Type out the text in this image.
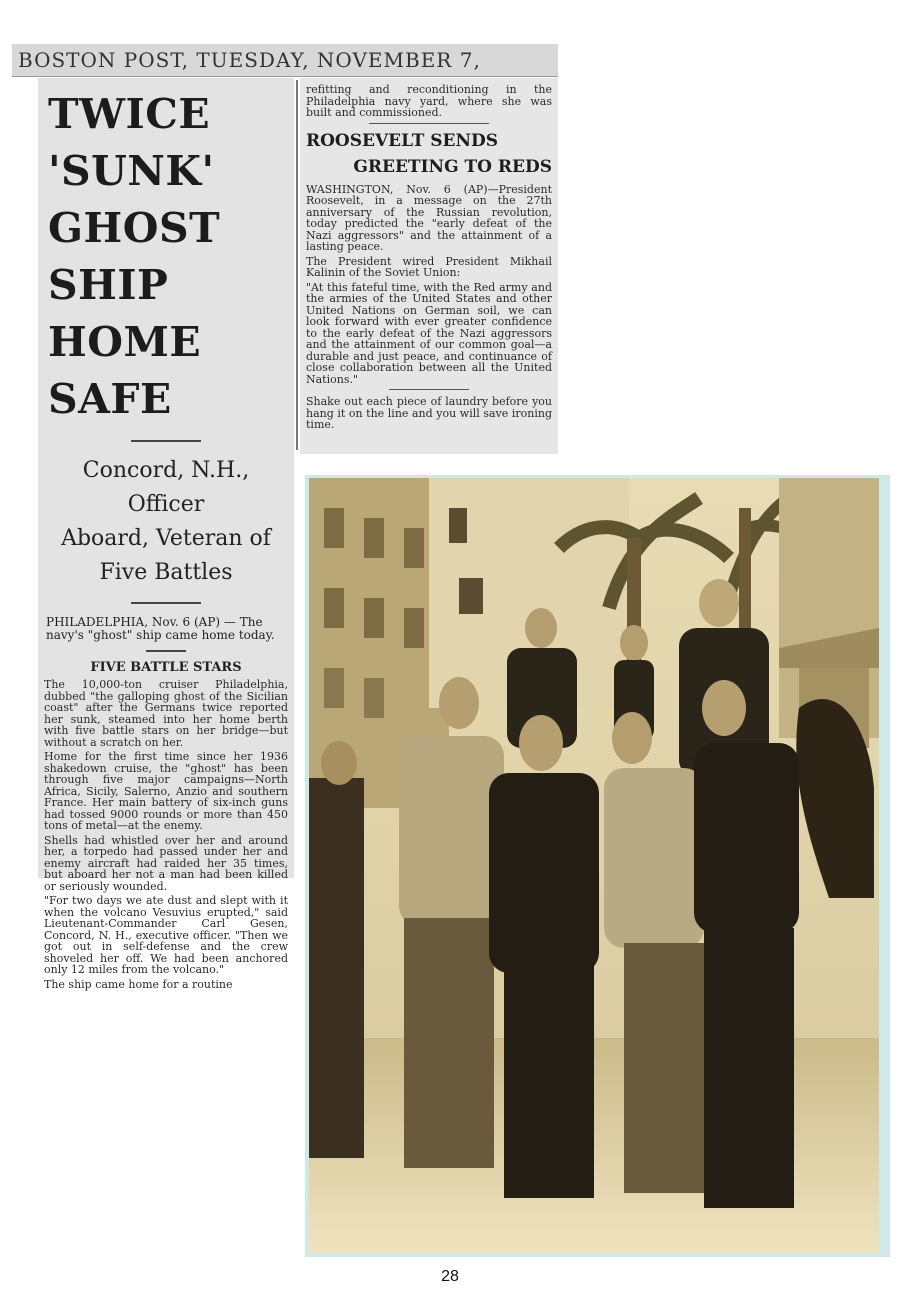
BOSTON POST, TUESDAY, NOVEMBER 7,
TWICE 'SUNK'
GHOST SHIP
HOME SAFE
Concord, N.H., Officer
Aboard, Veteran of
Five Battles
PHILADELPHIA, Nov. 6 (AP) — The navy's "ghost" ship came home today.
FIVE BATTLE STARS
The 10,000-ton cruiser Philadelphia, dubbed "the galloping ghost of the Sicilian coast" after the Germans twice reported her sunk, steamed into her home berth with five battle stars on her bridge—but without a scratch on her.
Home for the first time since her 1936 shakedown cruise, the "ghost" has been through five major campaigns—North Africa, Sicily, Salerno, Anzio and southern France. Her main battery of six-inch guns had tossed 9000 rounds or more than 450 tons of metal—at the enemy.
Shells had whistled over her and around her, a torpedo had passed under her and enemy aircraft had raided her 35 times, but aboard her not a man had been killed or seriously wounded.
"For two days we ate dust and slept with it when the volcano Vesuvius erupted," said Lieutenant-Commander Carl Gesen, Concord, N. H., executive officer. "Then we got out in self-defense and the crew shoveled her off. We had been anchored only 12 miles from the volcano."
The ship came home for a routine
refitting and reconditioning in the Philadelphia navy yard, where she was built and commissioned.
ROOSEVELT SENDS
GREETING TO REDS
WASHINGTON, Nov. 6 (AP)—President Roosevelt, in a message on the 27th anniversary of the Russian revolution, today predicted the "early defeat of the Nazi aggressors" and the attainment of a lasting peace.
The President wired President Mikhail Kalinin of the Soviet Union:
"At this fateful time, with the Red army and the armies of the United States and other United Nations on German soil, we can look forward with ever greater confidence to the early defeat of the Nazi aggressors and the attainment of our common goal—a durable and just peace, and continuance of close collaboration between all the United Nations."
Shake out each piece of laundry before you hang it on the line and you will save ironing time.
28
